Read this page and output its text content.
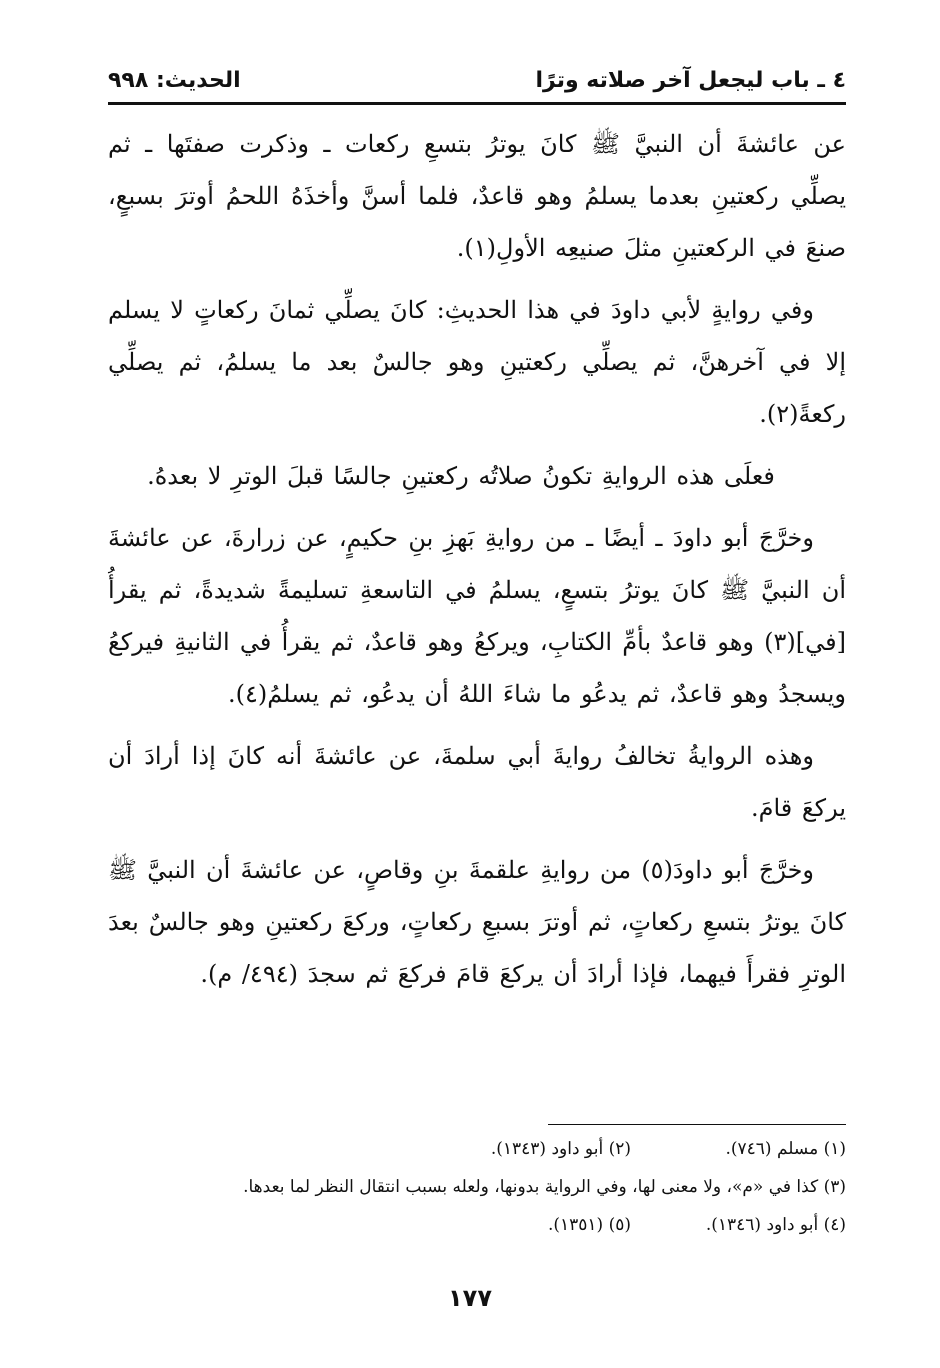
٤ ـ باب ليجعل آخر صلاته وترًا
الحديث: ٩٩٨

عن عائشةَ أن النبيَّ ﷺ كانَ يوترُ بتسعِ ركعات ـ وذكرت صفتَها ـ ثم يصلِّي ركعتينِ بعدما يسلمُ وهو قاعدٌ، فلما أسنَّ وأخذَهُ اللحمُ أوترَ بسبعٍ، صنعَ في الركعتينِ مثلَ صنيعِه الأولِ(١).

وفي روايةٍ لأبي داودَ في هذا الحديثِ: كانَ يصلِّي ثمانَ ركعاتٍ لا يسلم إلا في آخرهنَّ، ثم يصلِّي ركعتينِ وهو جالسٌ بعد ما يسلمُ، ثم يصلِّي ركعةً(٢).

فعلَى هذه الروايةِ تكونُ صلاتُه ركعتينِ جالسًا قبلَ الوترِ لا بعدهُ.

وخرَّجَ أبو داودَ ـ أيضًا ـ من روايةِ بَهزِ بنِ حكيمٍ، عن زرارةَ، عن عائشةَ أن النبيَّ ﷺ كانَ يوترُ بتسعٍ، يسلمُ في التاسعةِ تسليمةً شديدةً، ثم يقرأُ [في](٣) وهو قاعدٌ بأمِّ الكتابِ، ويركعُ وهو قاعدٌ، ثم يقرأُ في الثانيةِ فيركعُ ويسجدُ وهو قاعدٌ، ثم يدعُو ما شاءَ اللهُ أن يدعُو، ثم يسلمُ(٤).

وهذه الروايةُ تخالفُ روايةَ أبي سلمةَ، عن عائشةَ أنه كانَ إذا أرادَ أن يركعَ قامَ.

وخرَّجَ أبو داودَ(٥) من روايةِ علقمةَ بنِ وقاصٍ، عن عائشةَ أن النبيَّ ﷺ كانَ يوترُ بتسعِ ركعاتٍ، ثم أوترَ بسبعِ ركعاتٍ، وركعَ ركعتينِ وهو جالسٌ بعدَ الوترِ فقرأَ فيهما، فإذا أرادَ أن يركعَ قامَ فركعَ ثم سجدَ (٤٩٤/ م).

(١) مسلم (٧٤٦).
(٢) أبو داود (١٣٤٣).
(٣) كذا في «م»، ولا معنى لها، وفي الرواية بدونها، ولعله بسبب انتقال النظر لما بعدها.
(٤) أبو داود (١٣٤٦).
(٥) (١٣٥١).
١٧٧
